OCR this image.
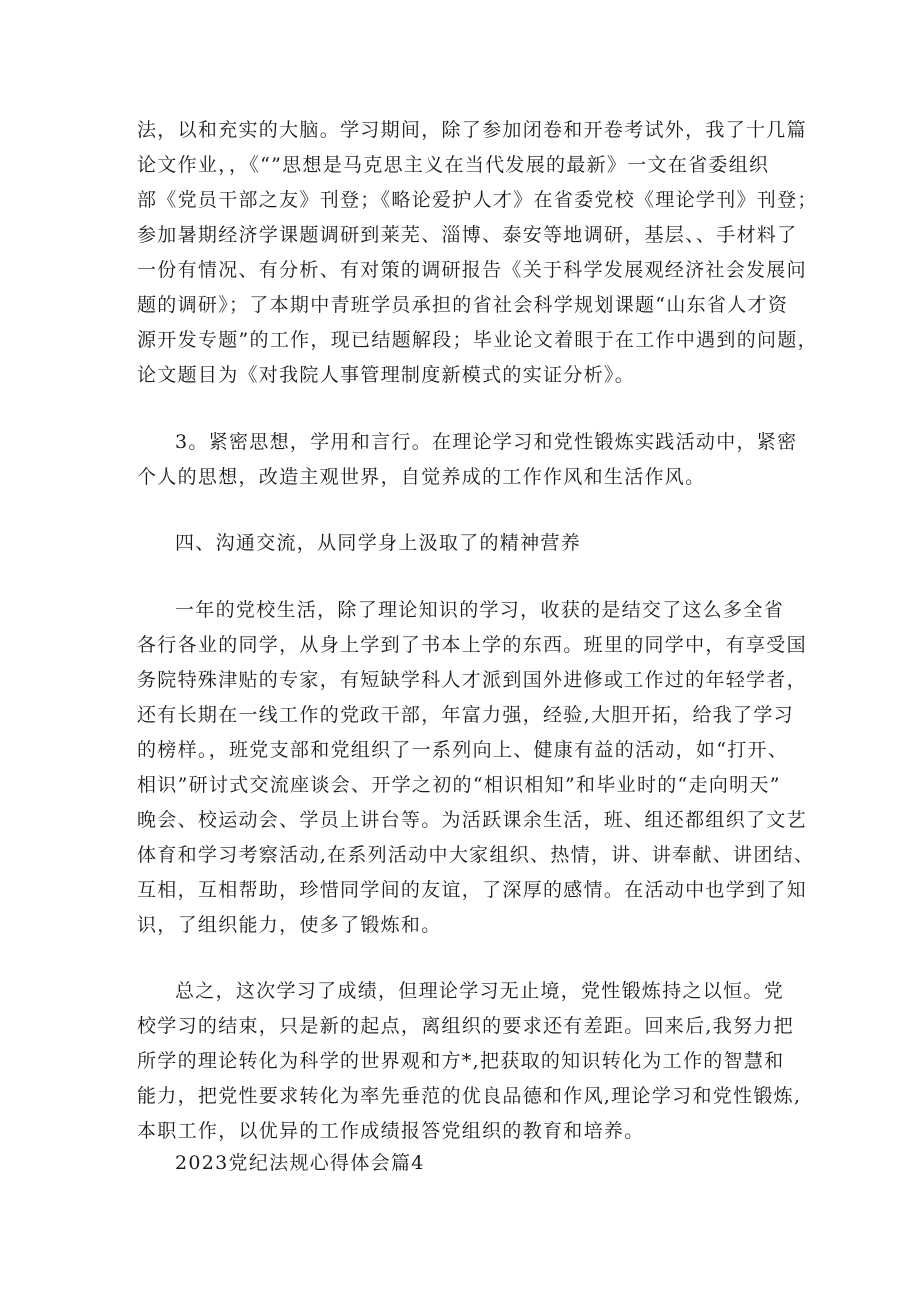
法，以和充实的大脑。学习期间，除了参加闭卷和开卷考试外，我了十几篇
论文作业，，《“”思想是马克思主义在当代发展的最新》一文在省委组织
部《党员干部之友》刊登；《略论爱护人才》在省委党校《理论学刊》刊登；
参加暑期经济学课题调研到莱芜、淄博、泰安等地调研，基层、、手材料了
一份有情况、有分析、有对策的调研报告《关于科学发展观经济社会发展问
题的调研》；了本期中青班学员承担的省社会科学规划课题“山东省人才资
源开发专题”的工作，现已结题解段；毕业论文着眼于在工作中遇到的问题，
论文题目为《对我院人事管理制度新模式的实证分析》。
3。紧密思想，学用和言行。在理论学习和党性锻炼实践活动中，紧密
个人的思想，改造主观世界，自觉养成的工作作风和生活作风。
四、沟通交流，从同学身上汲取了的精神营养
一年的党校生活，除了理论知识的学习，收获的是结交了这么多全省
各行各业的同学，从身上学到了书本上学的东西。班里的同学中，有享受国
务院特殊津贴的专家，有短缺学科人才派到国外进修或工作过的年轻学者，
还有长期在一线工作的党政干部，年富力强，经验,大胆开拓，给我了学习
的榜样。，班党支部和党组织了一系列向上、健康有益的活动，如“打开、
相识”研讨式交流座谈会、开学之初的“相识相知”和毕业时的“走向明天”
晚会、校运动会、学员上讲台等。为活跃课余生活，班、组还都组织了文艺
体育和学习考察活动,在系列活动中大家组织、热情，讲、讲奉献、讲团结、
互相，互相帮助，珍惜同学间的友谊，了深厚的感情。在活动中也学到了知
识，了组织能力，使多了锻炼和。
总之，这次学习了成绩，但理论学习无止境，党性锻炼持之以恒。党
校学习的结束，只是新的起点，离组织的要求还有差距。回来后,我努力把
所学的理论转化为科学的世界观和方*,把获取的知识转化为工作的智慧和
能力，把党性要求转化为率先垂范的优良品德和作风,理论学习和党性锻炼,
本职工作，以优异的工作成绩报答党组织的教育和培养。
2023党纪法规心得体会篇4
